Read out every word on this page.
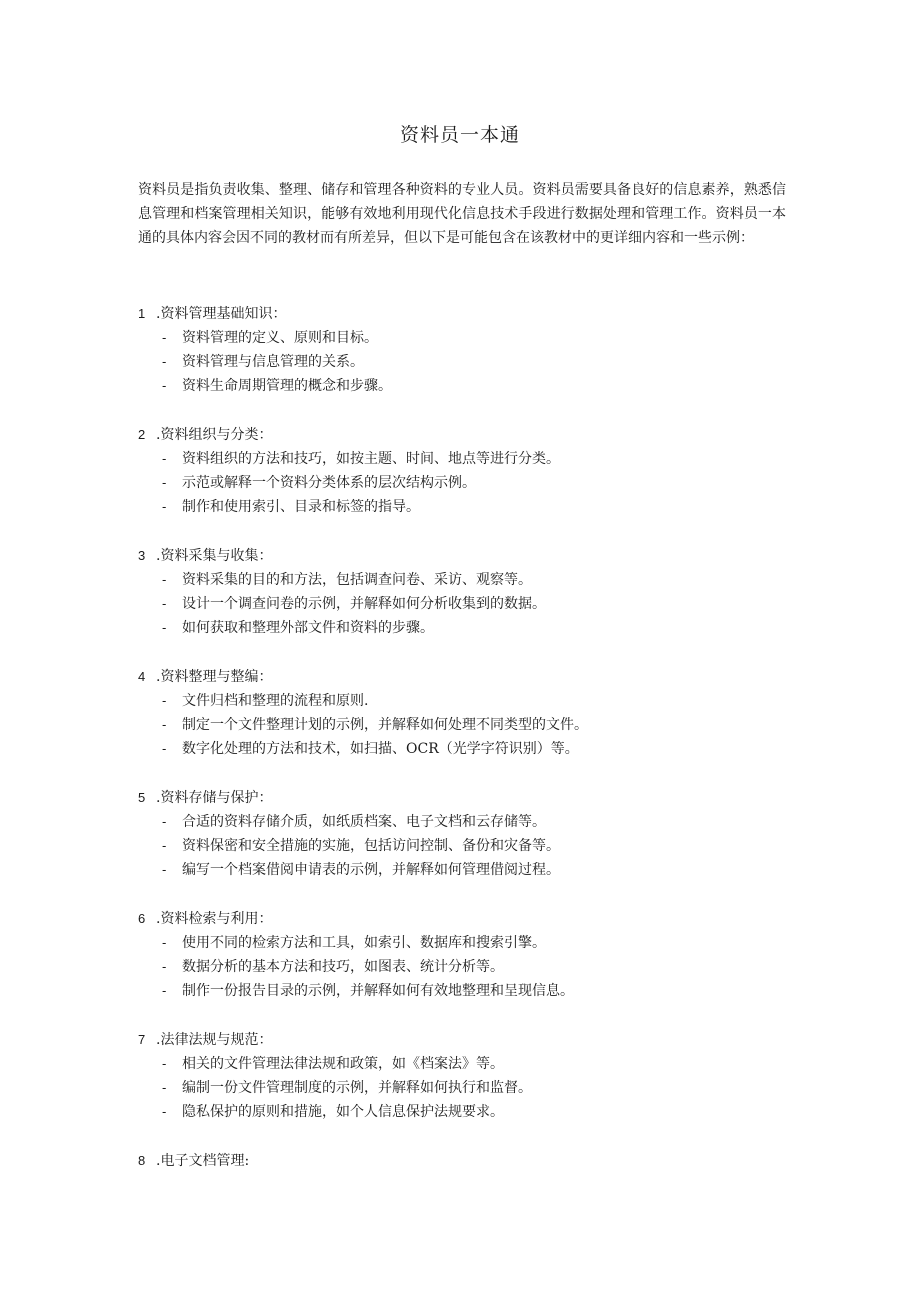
资料员一本通

资料员是指负责收集、整理、储存和管理各种资料的专业人员。资料员需要具备良好的信息素养，熟悉信息管理和档案管理相关知识，能够有效地利用现代化信息技术手段进行数据处理和管理工作。资料员一本通的具体内容会因不同的教材而有所差异，但以下是可能包含在该教材中的更详细内容和一些示例：

1 .资料管理基础知识：
-	资料管理的定义、原则和目标。
-	资料管理与信息管理的关系。
-	资料生命周期管理的概念和步骤。
2 .资料组织与分类：
-	资料组织的方法和技巧，如按主题、时间、地点等进行分类。
-	示范或解释一个资料分类体系的层次结构示例。
-	制作和使用索引、目录和标签的指导。
3 .资料采集与收集：
-	资料采集的目的和方法，包括调查问卷、采访、观察等。
-	设计一个调查问卷的示例，并解释如何分析收集到的数据。
-	如何获取和整理外部文件和资料的步骤。
4 .资料整理与整编：
-	文件归档和整理的流程和原则.
-	制定一个文件整理计划的示例，并解释如何处理不同类型的文件。
-	数字化处理的方法和技术，如扫描、OCR（光学字符识别）等。
5 .资料存储与保护：
-	合适的资料存储介质，如纸质档案、电子文档和云存储等。
-	资料保密和安全措施的实施，包括访问控制、备份和灾备等。
-	编写一个档案借阅申请表的示例，并解释如何管理借阅过程。
6 .资料检索与利用：
-	使用不同的检索方法和工具，如索引、数据库和搜索引擎。
-	数据分析的基本方法和技巧，如图表、统计分析等。
-	制作一份报告目录的示例，并解释如何有效地整理和呈现信息。
7 .法律法规与规范：
-	相关的文件管理法律法规和政策，如《档案法》等。
-	编制一份文件管理制度的示例，并解释如何执行和监督。
-	隐私保护的原则和措施，如个人信息保护法规要求。
8 .电子文档管理:
